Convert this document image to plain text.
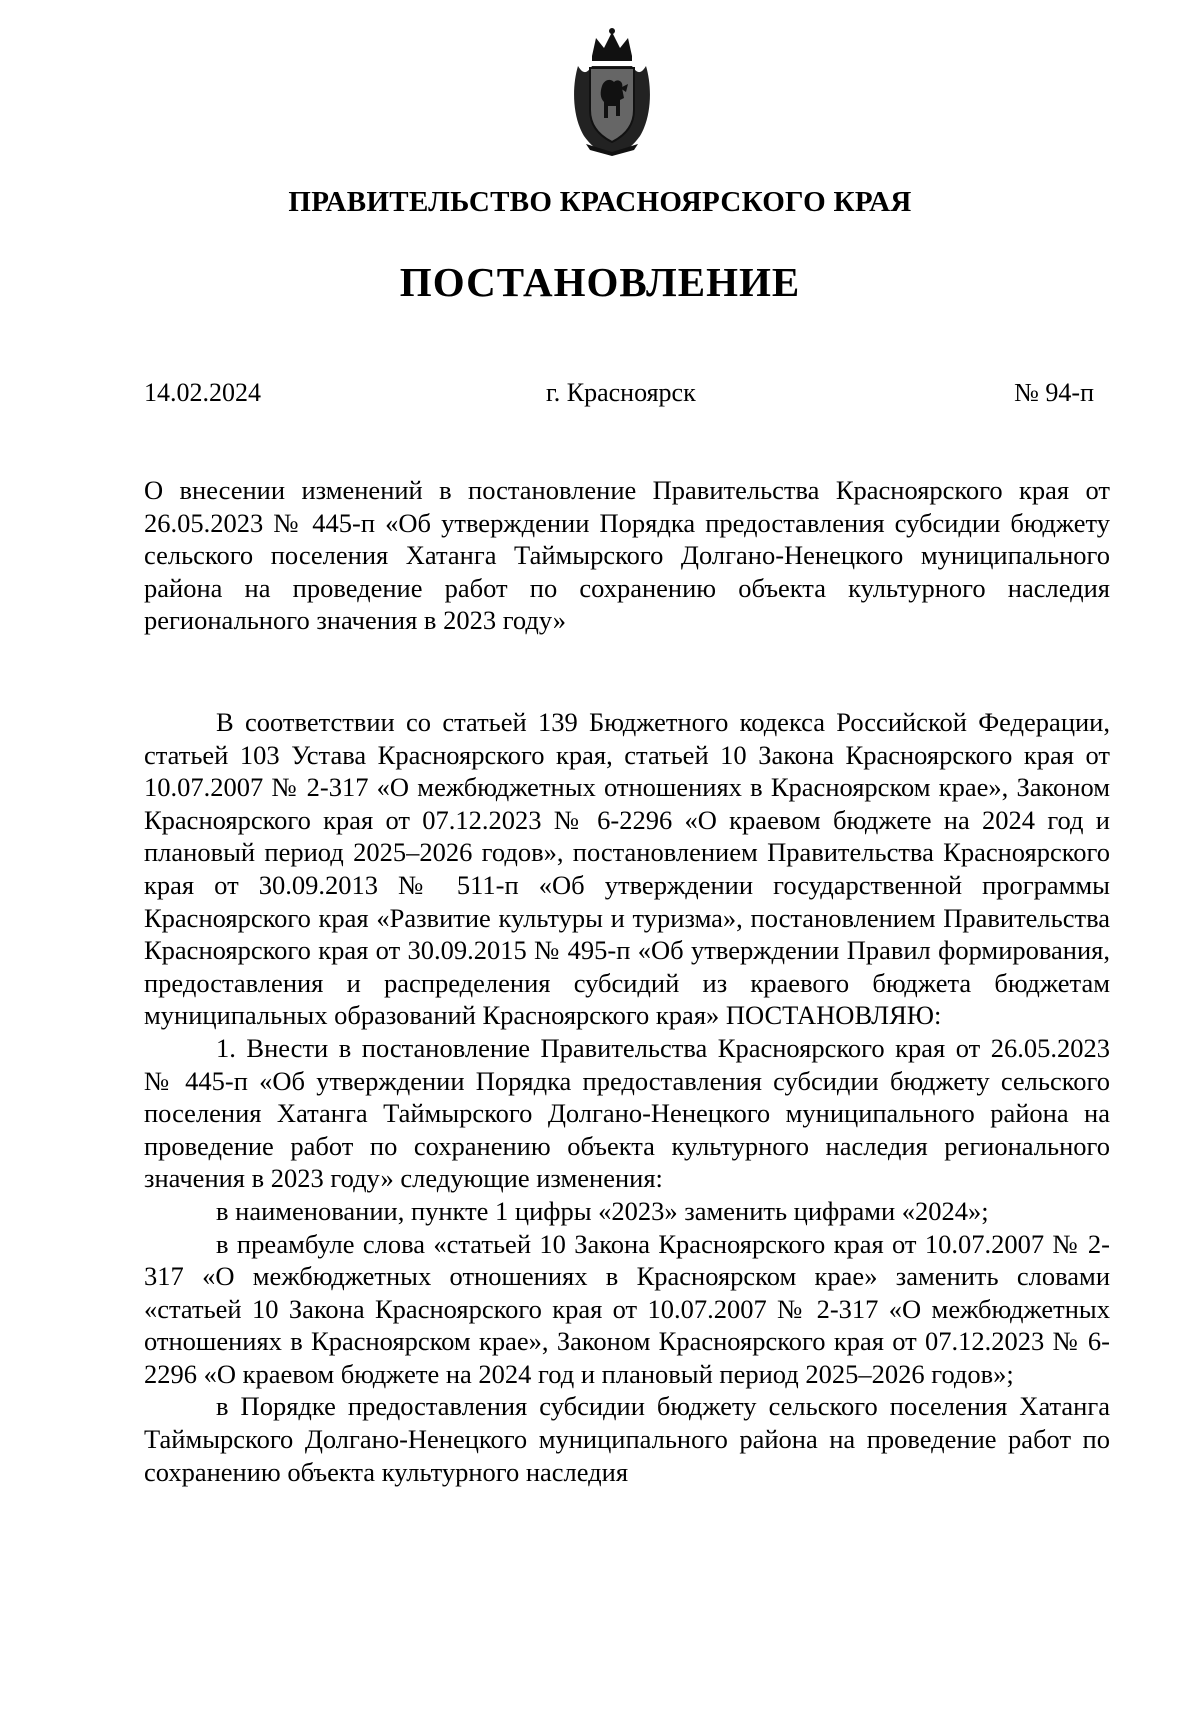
ПРАВИТЕЛЬСТВО КРАСНОЯРСКОГО КРАЯ
ПОСТАНОВЛЕНИЕ
14.02.2024	г. Красноярск	№ 94-п

О внесении изменений в постановление Правительства Красноярского края от 26.05.2023 № 445-п «Об утверждении Порядка предоставления субсидии бюджету сельского поселения Хатанга Таймырского Долгано-Ненецкого муниципального района на проведение работ по сохранению объекта культурного наследия регионального значения в 2023 году»

В соответствии со статьей 139 Бюджетного кодекса Российской Федерации, статьей 103 Устава Красноярского края, статьей 10 Закона Красноярского края от 10.07.2007 № 2-317 «О межбюджетных отношениях в Красноярском крае», Законом Красноярского края от 07.12.2023 № 6-2296 «О краевом бюджете на 2024 год и плановый период 2025–2026 годов», постановлением Правительства Красноярского края от 30.09.2013 № 511-п «Об утверждении государственной программы Красноярского края «Развитие культуры и туризма», постановлением Правительства Красноярского края от 30.09.2015 № 495-п «Об утверждении Правил формирования, предоставления и распределения субсидий из краевого бюджета бюджетам муниципальных образований Красноярского края» ПОСТАНОВЛЯЮ:

1. Внести в постановление Правительства Красноярского края от 26.05.2023 № 445-п «Об утверждении Порядка предоставления субсидии бюджету сельского поселения Хатанга Таймырского Долгано-Ненецкого муниципального района на проведение работ по сохранению объекта культурного наследия регионального значения в 2023 году» следующие изменения:

в наименовании, пункте 1 цифры «2023» заменить цифрами «2024»;

в преамбуле слова «статьей 10 Закона Красноярского края от 10.07.2007 № 2-317 «О межбюджетных отношениях в Красноярском крае» заменить словами «статьей 10 Закона Красноярского края от 10.07.2007 № 2-317 «О межбюджетных отношениях в Красноярском крае», Законом Красноярского края от 07.12.2023 № 6-2296 «О краевом бюджете на 2024 год и плановый период 2025–2026 годов»;

в Порядке предоставления субсидии бюджету сельского поселения Хатанга Таймырского Долгано-Ненецкого муниципального района на проведение работ по сохранению объекта культурного наследия
